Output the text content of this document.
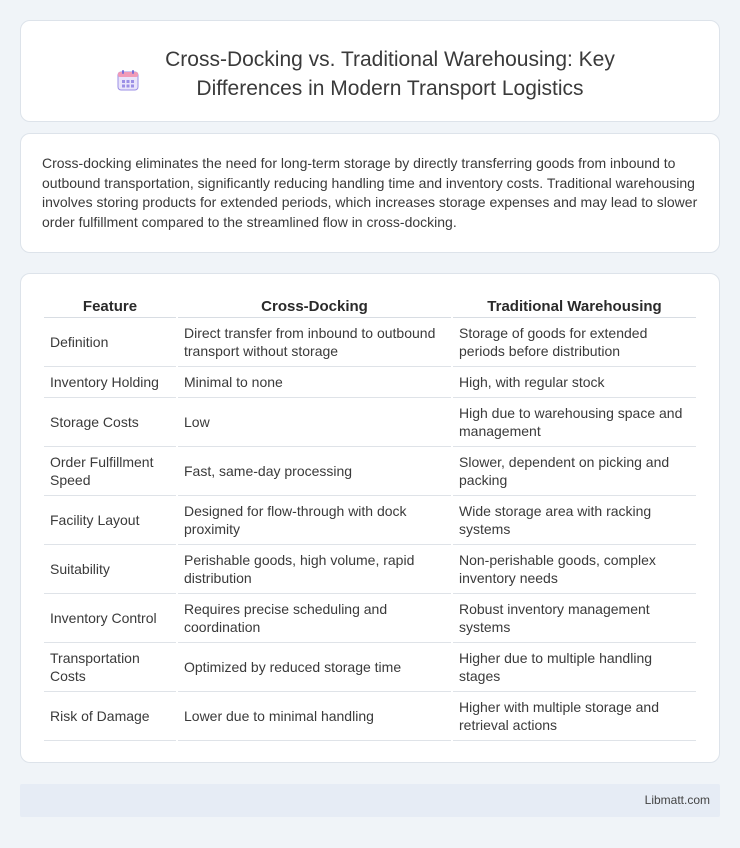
Cross-Docking vs. Traditional Warehousing: Key
Differences in Modern Transport Logistics

Cross-docking eliminates the need for long-term storage by directly transferring goods from inbound to outbound transportation, significantly reducing handling time and inventory costs. Traditional warehousing involves storing products for extended periods, which increases storage expenses and may lead to slower order fulfillment compared to the streamlined flow in cross-docking.

Feature	Cross-Docking	Traditional Warehousing
Definition	Direct transfer from inbound to outbound transport without storage	Storage of goods for extended periods before distribution
Inventory Holding	Minimal to none	High, with regular stock
Storage Costs	Low	High due to warehousing space and management
Order Fulfillment Speed	Fast, same-day processing	Slower, dependent on picking and packing
Facility Layout	Designed for flow-through with dock proximity	Wide storage area with racking systems
Suitability	Perishable goods, high volume, rapid distribution	Non-perishable goods, complex inventory needs
Inventory Control	Requires precise scheduling and coordination	Robust inventory management systems
Transportation Costs	Optimized by reduced storage time	Higher due to multiple handling stages
Risk of Damage	Lower due to minimal handling	Higher with multiple storage and retrieval actions
Libmatt.com
